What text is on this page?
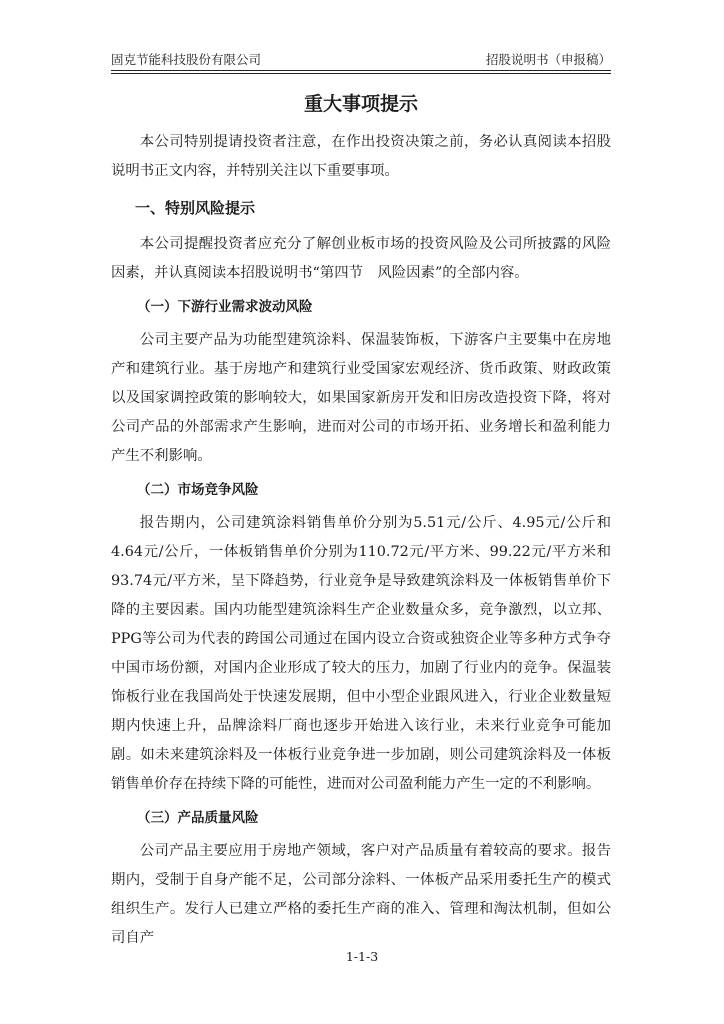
固克节能科技股份有限公司	招股说明书（申报稿）
重大事项提示

本公司特别提请投资者注意，在作出投资决策之前，务必认真阅读本招股说明书正文内容，并特别关注以下重要事项。

一、特别风险提示

本公司提醒投资者应充分了解创业板市场的投资风险及公司所披露的风险因素，并认真阅读本招股说明书“第四节　风险因素”的全部内容。

（一）下游行业需求波动风险

公司主要产品为功能型建筑涂料、保温装饰板，下游客户主要集中在房地产和建筑行业。基于房地产和建筑行业受国家宏观经济、货币政策、财政政策以及国家调控政策的影响较大，如果国家新房开发和旧房改造投资下降，将对公司产品的外部需求产生影响，进而对公司的市场开拓、业务增长和盈利能力产生不利影响。

（二）市场竞争风险

报告期内，公司建筑涂料销售单价分别为5.51元/公斤、4.95元/公斤和4.64元/公斤，一体板销售单价分别为110.72元/平方米、99.22元/平方米和93.74元/平方米，呈下降趋势，行业竞争是导致建筑涂料及一体板销售单价下降的主要因素。国内功能型建筑涂料生产企业数量众多，竞争激烈，以立邦、PPG等公司为代表的跨国公司通过在国内设立合资或独资企业等多种方式争夺中国市场份额，对国内企业形成了较大的压力，加剧了行业内的竞争。保温装饰板行业在我国尚处于快速发展期，但中小型企业跟风进入，行业企业数量短期内快速上升，品牌涂料厂商也逐步开始进入该行业，未来行业竞争可能加剧。如未来建筑涂料及一体板行业竞争进一步加剧，则公司建筑涂料及一体板销售单价存在持续下降的可能性，进而对公司盈利能力产生一定的不利影响。

（三）产品质量风险

公司产品主要应用于房地产领域，客户对产品质量有着较高的要求。报告期内，受制于自身产能不足，公司部分涂料、一体板产品采用委托生产的模式组织生产。发行人已建立严格的委托生产商的准入、管理和淘汰机制，但如公司自产

1-1-3
